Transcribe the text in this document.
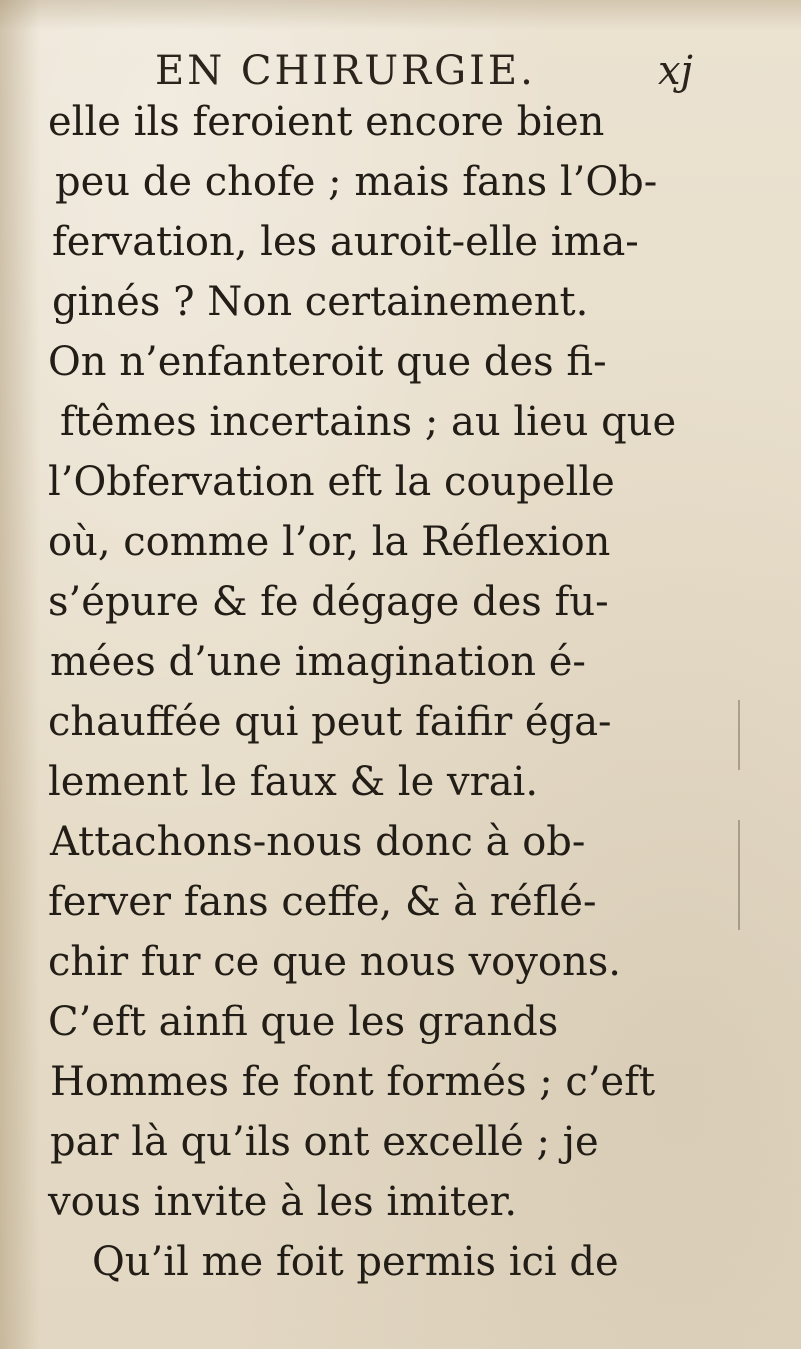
EN CHIRURGIE.	xj
elle ils feroient encore bien
peu de chofe ; mais fans l’Ob-
fervation, les auroit-elle ima-
ginés ? Non certainement.
On n’enfanteroit que des fi-
ftêmes incertains ; au lieu que
l’Obfervation eft la coupelle
où, comme l’or, la Réflexion
s’épure & fe dégage des fu-
mées d’une imagination é-
chauffée qui peut faifir éga-
lement le faux & le vrai.
Attachons-nous donc à ob-
ferver fans ceffe, & à réflé-
chir fur ce que nous voyons.
C’eft ainfi que les grands
Hommes fe font formés ; c’eft
par là qu’ils ont excellé ; je
vous invite à les imiter.
Qu’il me foit permis ici de
